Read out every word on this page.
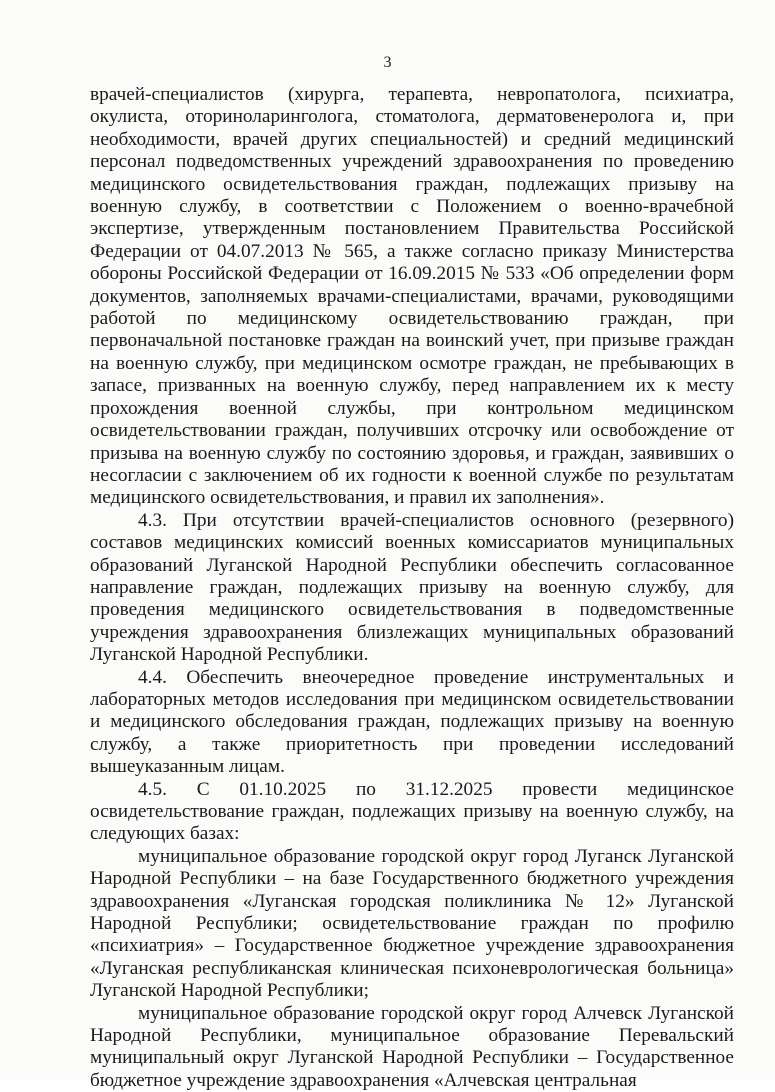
3

врачей-специалистов (хирурга, терапевта, невропатолога, психиатра, окулиста, оториноларинголога, стоматолога, дерматовенеролога и, при необходимости, врачей других специальностей) и средний медицинский персонал подведомственных учреждений здравоохранения по проведению медицинского освидетельствования граждан, подлежащих призыву на военную службу, в соответствии с Положением о военно-врачебной экспертизе, утвержденным постановлением Правительства Российской Федерации от 04.07.2013 № 565, а также согласно приказу Министерства обороны Российской Федерации от 16.09.2015 № 533 «Об определении форм документов, заполняемых врачами-специалистами, врачами, руководящими работой по медицинскому освидетельствованию граждан, при первоначальной постановке граждан на воинский учет, при призыве граждан на военную службу, при медицинском осмотре граждан, не пребывающих в запасе, призванных на военную службу, перед направлением их к месту прохождения военной службы, при контрольном медицинском освидетельствовании граждан, получивших отсрочку или освобождение от призыва на военную службу по состоянию здоровья, и граждан, заявивших о несогласии с заключением об их годности к военной службе по результатам медицинского освидетельствования, и правил их заполнения».

4.3. При отсутствии врачей-специалистов основного (резервного) составов медицинских комиссий военных комиссариатов муниципальных образований Луганской Народной Республики обеспечить согласованное направление граждан, подлежащих призыву на военную службу, для проведения медицинского освидетельствования в подведомственные учреждения здравоохранения близлежащих муниципальных образований Луганской Народной Республики.

4.4. Обеспечить внеочередное проведение инструментальных и лабораторных методов исследования при медицинском освидетельствовании и медицинского обследования граждан, подлежащих призыву на военную службу, а также приоритетность при проведении исследований вышеуказанным лицам.

4.5. С 01.10.2025 по 31.12.2025 провести медицинское освидетельствование граждан, подлежащих призыву на военную службу, на следующих базах:

муниципальное образование городской округ город Луганск Луганской Народной Республики – на базе Государственного бюджетного учреждения здравоохранения «Луганская городская поликлиника № 12» Луганской Народной Республики; освидетельствование граждан по профилю «психиатрия» – Государственное бюджетное учреждение здравоохранения «Луганская республиканская клиническая психоневрологическая больница» Луганской Народной Республики;

муниципальное образование городской округ город Алчевск Луганской Народной Республики, муниципальное образование Перевальский муниципальный округ Луганской Народной Республики – Государственное бюджетное учреждение здравоохранения «Алчевская центральная
